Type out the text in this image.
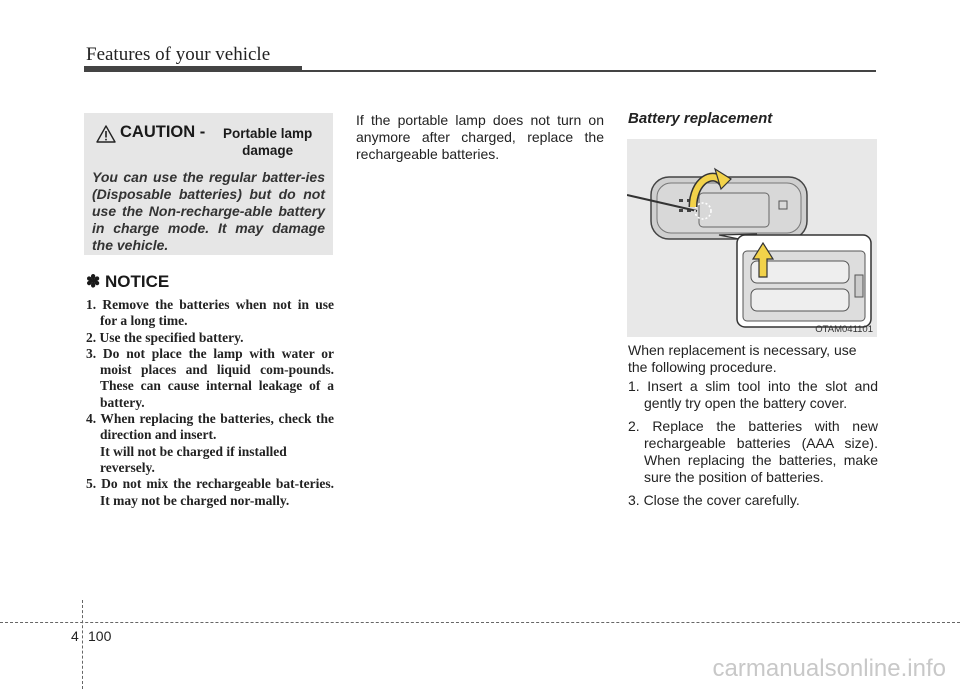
Features of your vehicle
CAUTION -	Portable lamp damage
You can use the regular batter-ies (Disposable batteries) but do not use the Non-recharge-able battery in charge mode. It may damage the vehicle.
✽ NOTICE
1. Remove the batteries when not in use for a long time.
2. Use the specified battery.
3. Do not place the lamp with water or moist places and liquid com-pounds. These can cause internal leakage of a battery.
4. When replacing the batteries, check the direction and insert.
It will not be charged if installed reversely.
5. Do not mix the rechargeable bat-teries. It may not be charged nor-mally.
If the portable lamp does not turn on anymore after charged, replace the rechargeable batteries.
Battery replacement
OTAM041101
When replacement is necessary, use the following procedure.
1. Insert a slim tool into the slot and gently try open the battery cover.
2. Replace the batteries with new rechargeable batteries (AAA size). When replacing the batteries, make sure the position of batteries.
3. Close the cover carefully.
4 100
carmanualsonline.info
